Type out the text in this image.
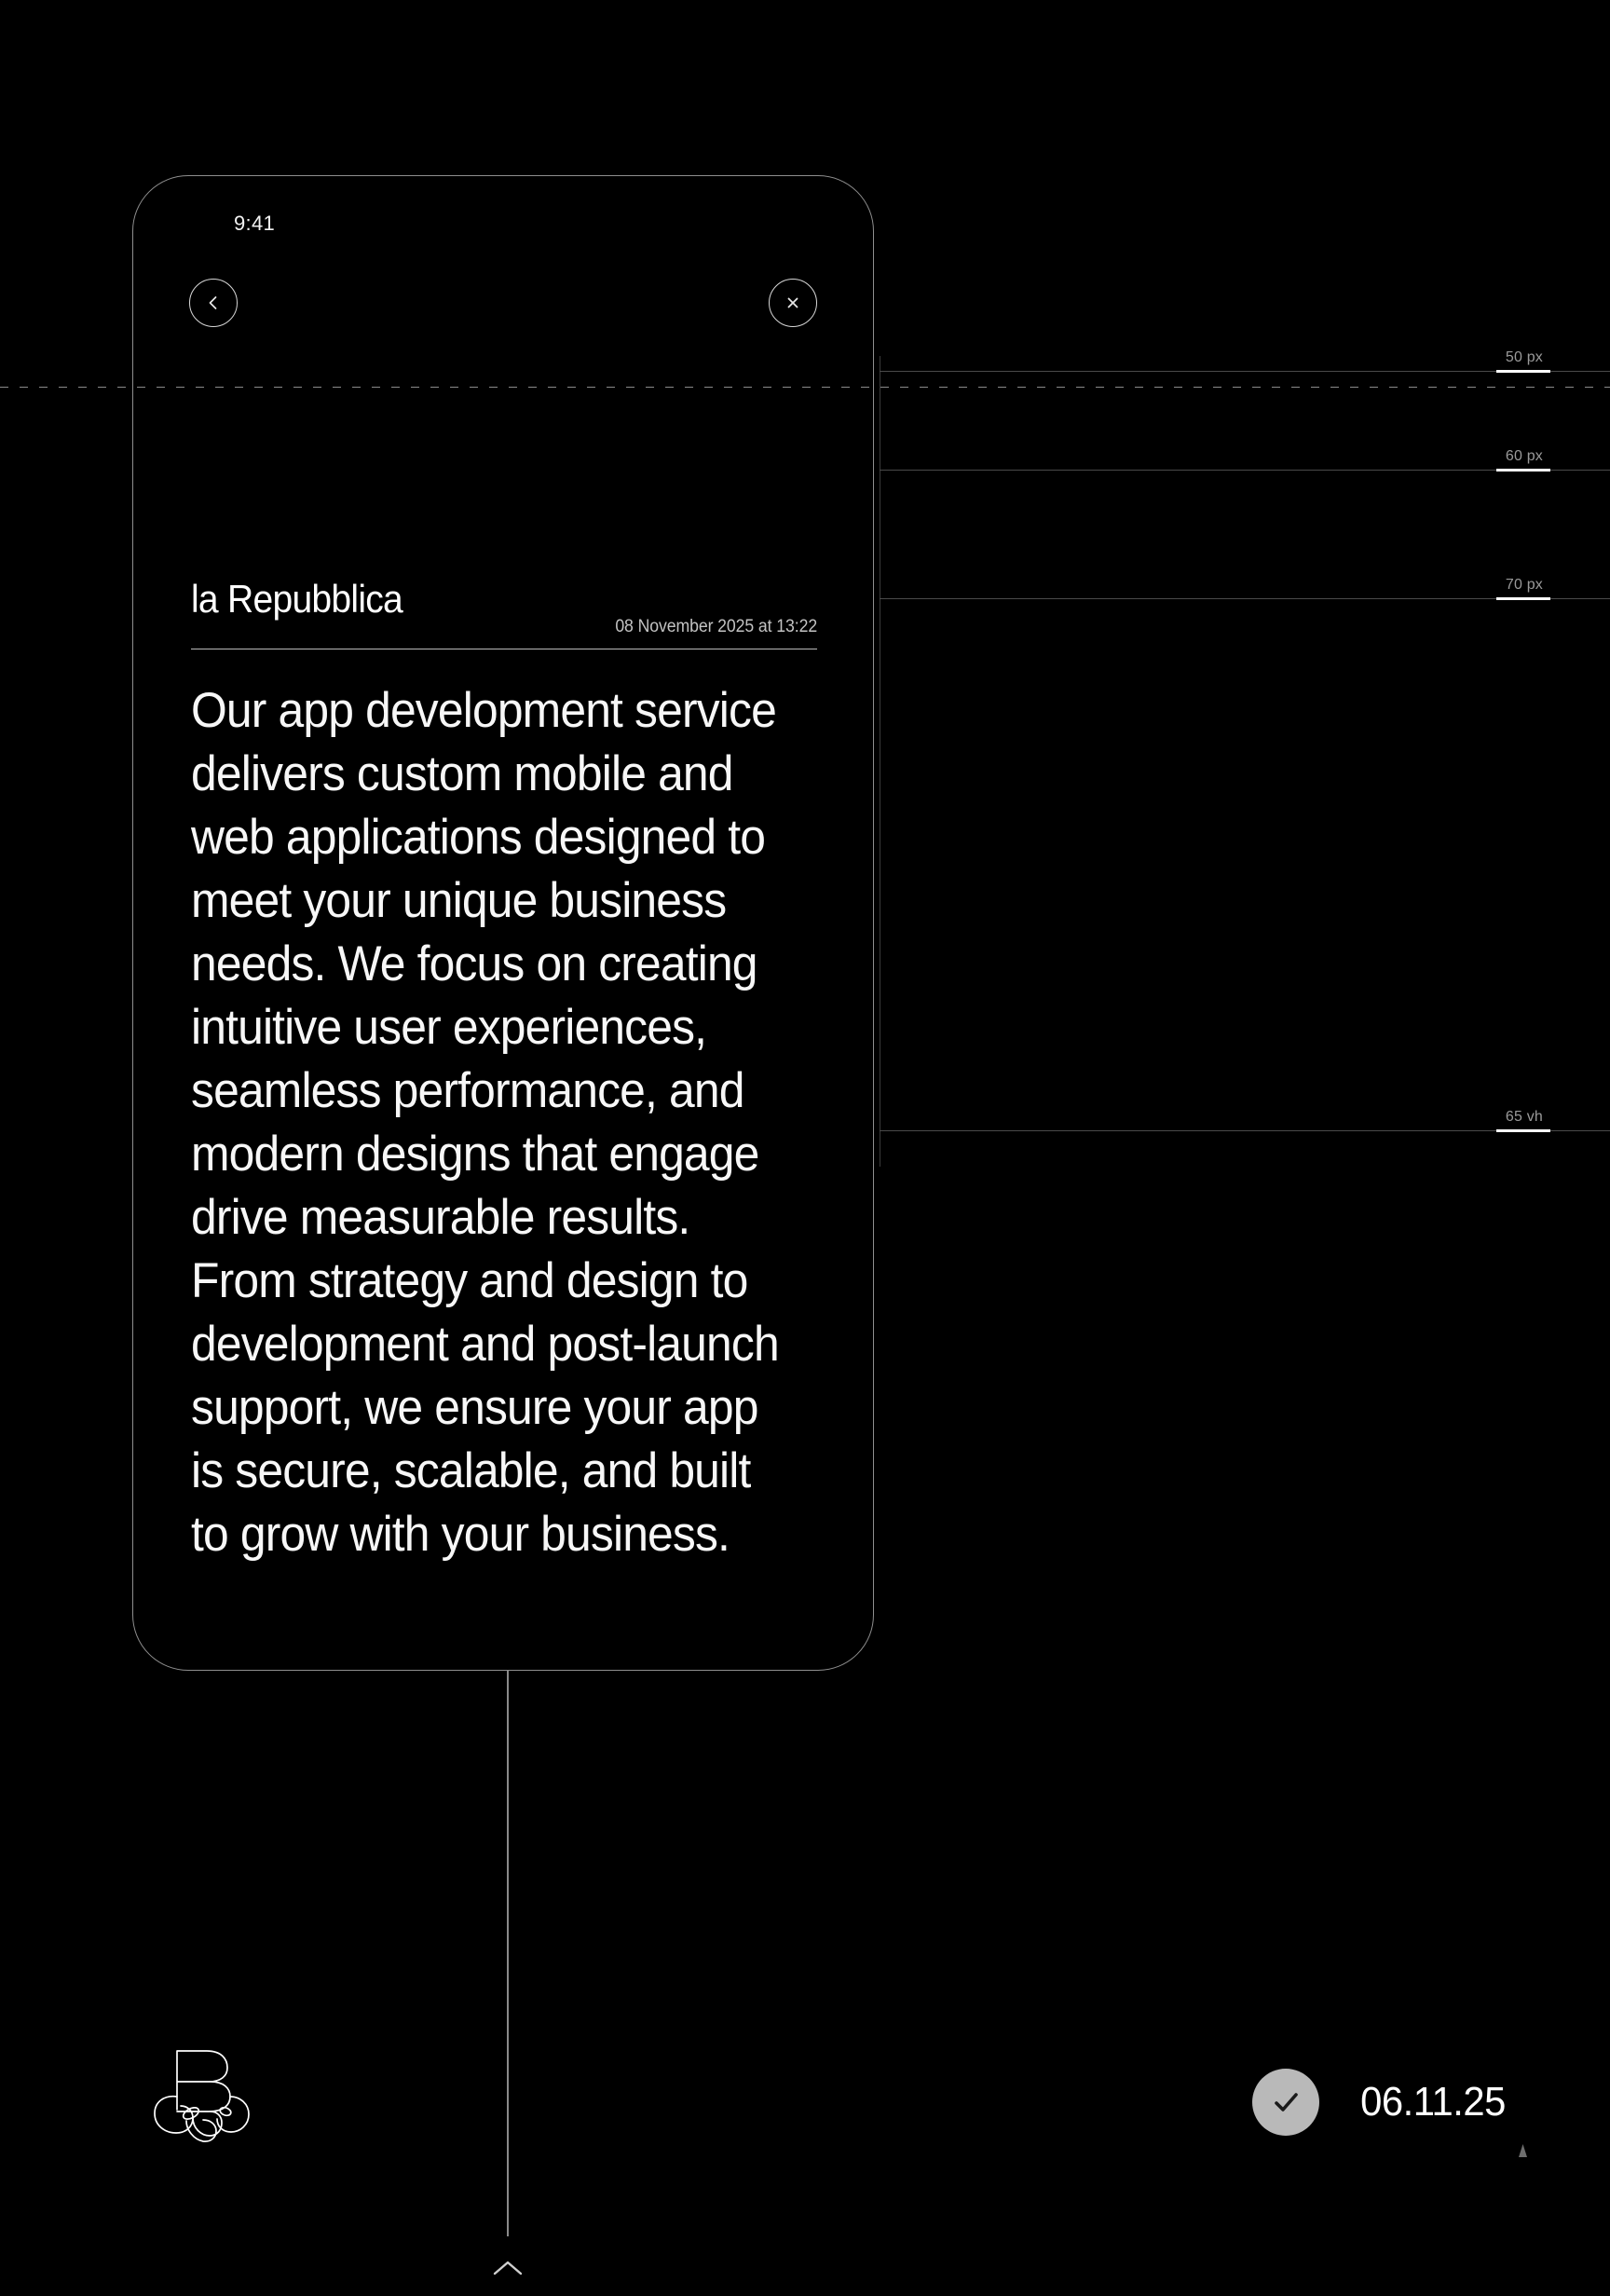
50 px
60 px
70 px
65 vh
9:41
la Repubblica
08 November 2025 at 13:22
Our app development service delivers custom mobile and web applications designed to meet your unique business needs. We focus on creating intuitive user experiences, seamless performance, and modern designs that engage drive measurable results. From strategy and design to development and post-launch support, we ensure your app is secure, scalable, and built to grow with your business.
06.11.25
